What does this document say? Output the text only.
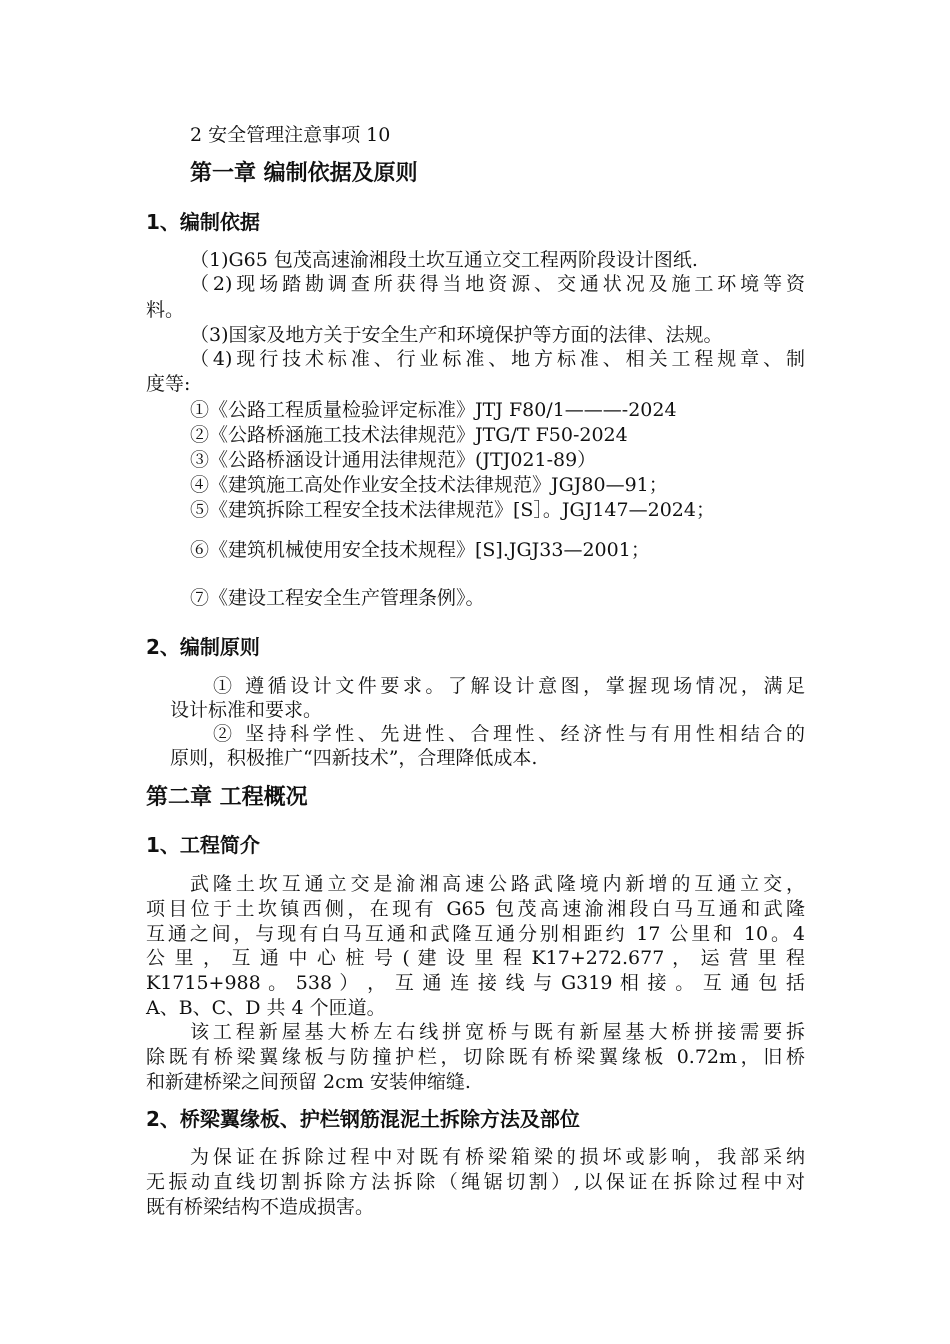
2 安全管理注意事项 10
第一章 编制依据及原则
1、编制依据
（1)G65 包茂高速渝湘段土坎互通立交工程两阶段设计图纸.
（2)现场踏勘调查所获得当地资源、交通状况及施工环境等资
料。
（3)国家及地方关于安全生产和环境保护等方面的法律、法规。
（4)现行技术标准、行业标准、地方标准、相关工程规章、制
度等:
①《公路工程质量检验评定标准》JTJ F80/1———-2024
②《公路桥涵施工技术法律规范》JTG/T F50-2024
③《公路桥涵设计通用法律规范》(JTJ021-89）
④《建筑施工高处作业安全技术法律规范》JGJ80—91；
⑤《建筑拆除工程安全技术法律规范》[S］。JGJ147—2024；
⑥《建筑机械使用安全技术规程》[S].JGJ33—2001；
⑦《建设工程安全生产管理条例》。
2、编制原则
① 遵循设计文件要求。了解设计意图，掌握现场情况，满足
设计标准和要求。
② 坚持科学性、先进性、合理性、经济性与有用性相结合的
原则，积极推广“四新技术”，合理降低成本.
第二章 工程概况
1、工程简介
武隆土坎互通立交是渝湘高速公路武隆境内新增的互通立交，
项目位于土坎镇西侧，在现有 G65 包茂高速渝湘段白马互通和武隆
互通之间，与现有白马互通和武隆互通分别相距约 17 公里和 10。4
公 里 ， 互 通 中 心 桩 号 ( 建 设 里 程 K17+272.677 ， 运 营 里 程
K1715+988 。 538 ） ， 互 通 连 接 线 与 G319 相 接 。 互 通 包 括
A、B、C、D 共 4 个匝道。
该工程新屋基大桥左右线拼宽桥与既有新屋基大桥拼接需要拆
除既有桥梁翼缘板与防撞护栏，切除既有桥梁翼缘板 0.72m，旧桥
和新建桥梁之间预留 2cm 安装伸缩缝.
2、桥梁翼缘板、护栏钢筋混泥土拆除方法及部位
为保证在拆除过程中对既有桥梁箱梁的损坏或影响，我部采纳
无振动直线切割拆除方法拆除（绳锯切割）,以保证在拆除过程中对
既有桥梁结构不造成损害。
